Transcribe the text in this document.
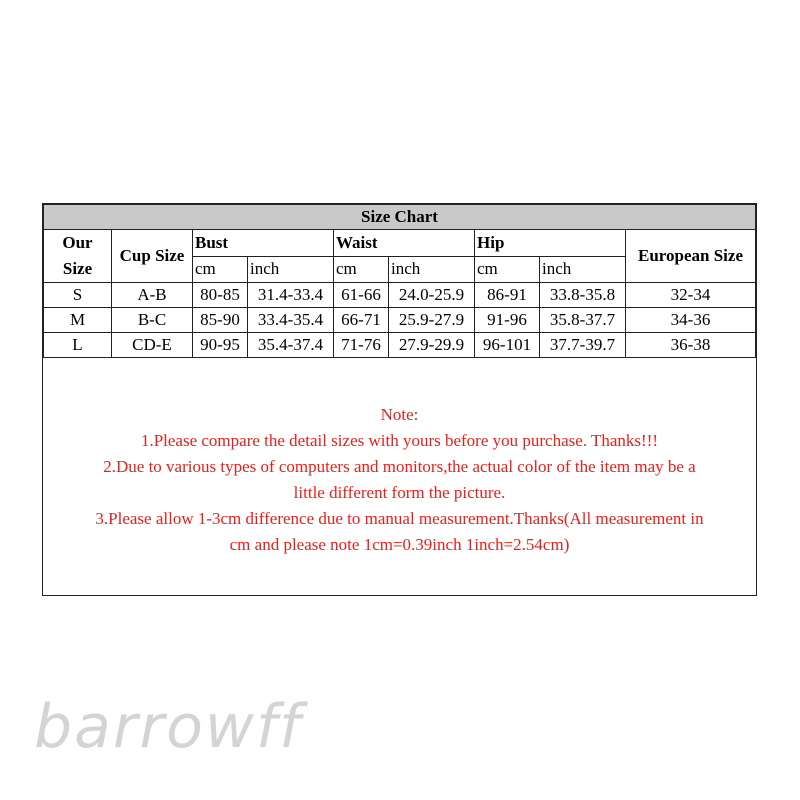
Size Chart								
Our
Size	Cup Size	Bust		Waist		Hip		European Size
		cm	inch	cm	inch	cm	inch	
S	A-B	80-85	31.4-33.4	61-66	24.0-25.9	86-91	33.8-35.8	32-34
M	B-C	85-90	33.4-35.4	66-71	25.9-27.9	91-96	35.8-37.7	34-36
L	CD-E	90-95	35.4-37.4	71-76	27.9-29.9	96-101	37.7-39.7	36-38
Note:
1.Please compare the detail sizes with yours before you purchase. Thanks!!!
2.Due to various types of computers and monitors,the actual color of the item may be a
little different form the picture.
3.Please allow 1-3cm difference due to manual measurement.Thanks(All measurement in
cm and please note 1cm=0.39inch 1inch=2.54cm)
barrowff
